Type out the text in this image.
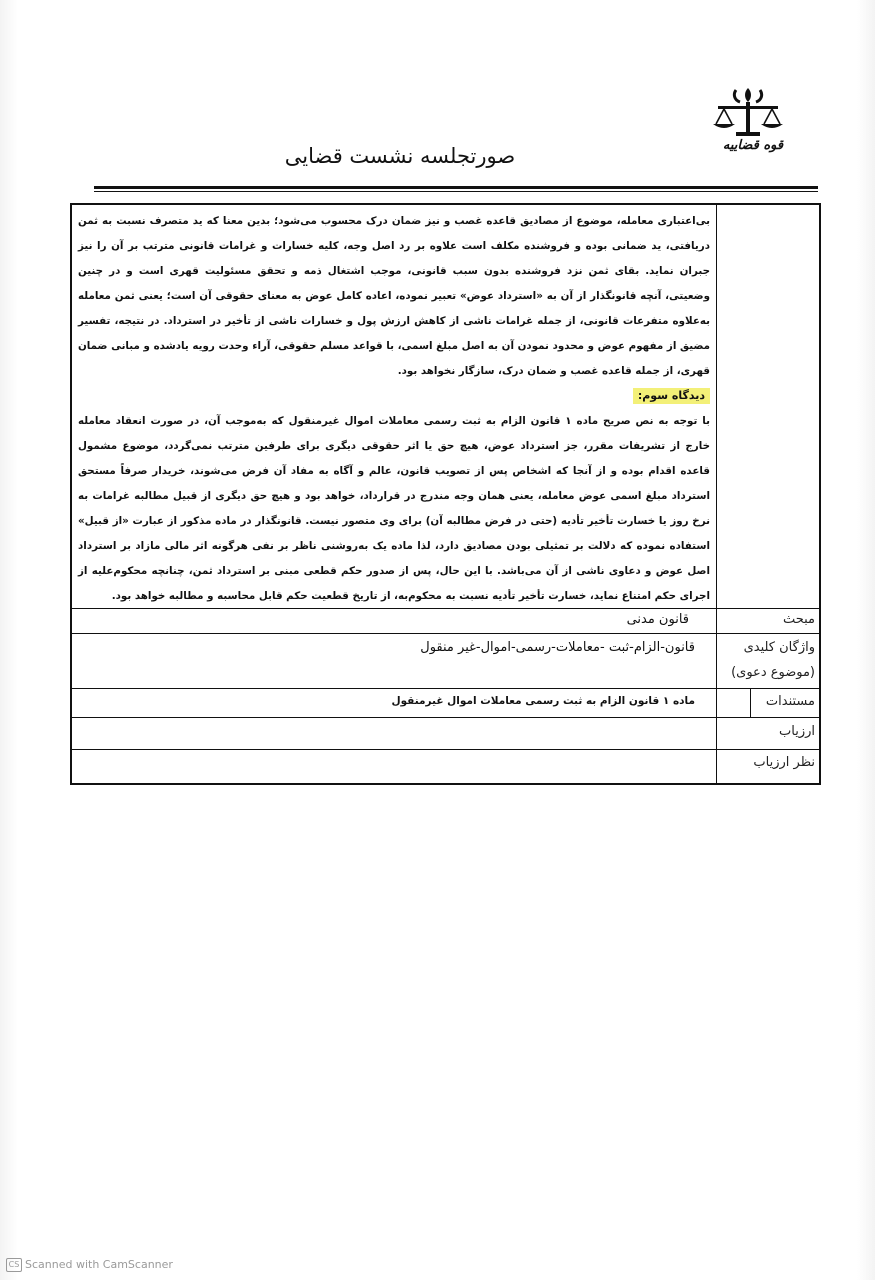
قوه قضاییه
صورتجلسه نشست قضایی

بی‌اعتباری معامله، موضوع از مصادیق قاعده غصب و نیز ضمان درک محسوب می‌شود؛ بدین معنا که ید متصرف نسبت به ثمن دریافتی، ید ضمانی بوده و فروشنده مکلف است علاوه بر رد اصل وجه، کلیه خسارات و غرامات قانونی مترتب بر آن را نیز جبران نماید. بقای ثمن نزد فروشنده بدون سبب قانونی، موجب اشتغال ذمه و تحقق مسئولیت قهری است و در چنین وضعیتی، آنچه قانونگذار از آن به «استرداد عوض» تعبیر نموده، اعاده کامل عوض به معنای حقوقی آن است؛ یعنی ثمن معامله به‌علاوه متفرعات قانونی، از جمله غرامات ناشی از کاهش ارزش پول و خسارات ناشی از تأخیر در استرداد. در نتیجه، تفسیر مضیق از مفهوم عوض و محدود نمودن آن به اصل مبلغ اسمی، با قواعد مسلم حقوقی، آراء وحدت رویه یادشده و مبانی ضمان قهری، از جمله قاعده غصب و ضمان درک، سازگار نخواهد بود.

دیدگاه سوم:

با توجه به نص صریح ماده ۱ قانون الزام به ثبت رسمی معاملات اموال غیرمنقول که به‌موجب آن، در صورت انعقاد معامله خارج از تشریفات مقرر، جز استرداد عوض، هیچ حق یا اثر حقوقی دیگری برای طرفین مترتب نمی‌گردد، موضوع مشمول قاعده اقدام بوده و از آنجا که اشخاص پس از تصویب قانون، عالم و آگاه به مفاد آن فرض می‌شوند، خریدار صرفاً مستحق استرداد مبلغ اسمی عوض معامله، یعنی همان وجه مندرج در قرارداد، خواهد بود و هیچ حق دیگری از قبیل مطالبه غرامات به نرخ روز یا خسارت تأخیر تأدیه (حتی در فرض مطالبه آن) برای وی متصور نیست. قانونگذار در ماده مذکور از عبارت «از قبیل» استفاده نموده که دلالت بر تمثیلی بودن مصادیق دارد، لذا ماده یک به‌روشنی ناظر بر نفی هرگونه اثر مالی مازاد بر استرداد اصل عوض و دعاوی ناشی از آن می‌باشد. با این حال، پس از صدور حکم قطعی مبنی بر استرداد ثمن، چنانچه محکوم‌علیه از اجرای حکم امتناع نماید، خسارت تأخیر تأدیه نسبت به محکوم‌به، از تاریخ قطعیت حکم قابل محاسبه و مطالبه خواهد بود.

مبحث
قانون مدنی
واژگان کلیدی
(موضوع دعوی)
قانون-الزام-ثبت -معاملات-رسمی-اموال-غیر منقول
مستندات
ماده ۱ قانون الزام به ثبت رسمی معاملات اموال غیرمنقول
ارزیاب
نظر ارزیاب
CS Scanned with CamScanner
